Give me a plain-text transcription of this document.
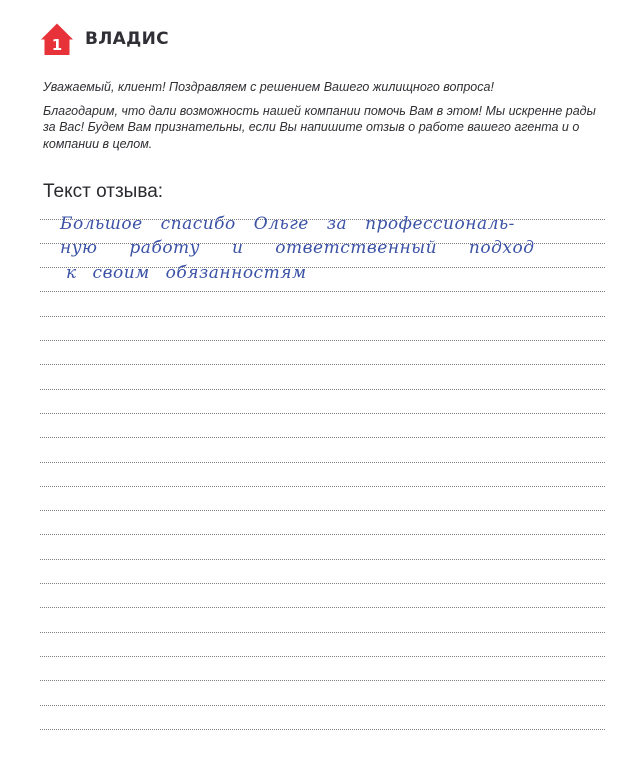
1 ВЛАДИС

Уважаемый, клиент! Поздравляем с решением Вашего жилищного вопроса!

Благодарим, что дали возможность нашей компании помочь Вам в этом! Мы искренне рады за Вас! Будем Вам признательны, если Вы напишите отзыв о работе вашего агента и о компании в целом.

Текст отзыва:
Большое спасибо Ольге за профессиональ-
ную работу и ответственный подход
к своим обязанностям
